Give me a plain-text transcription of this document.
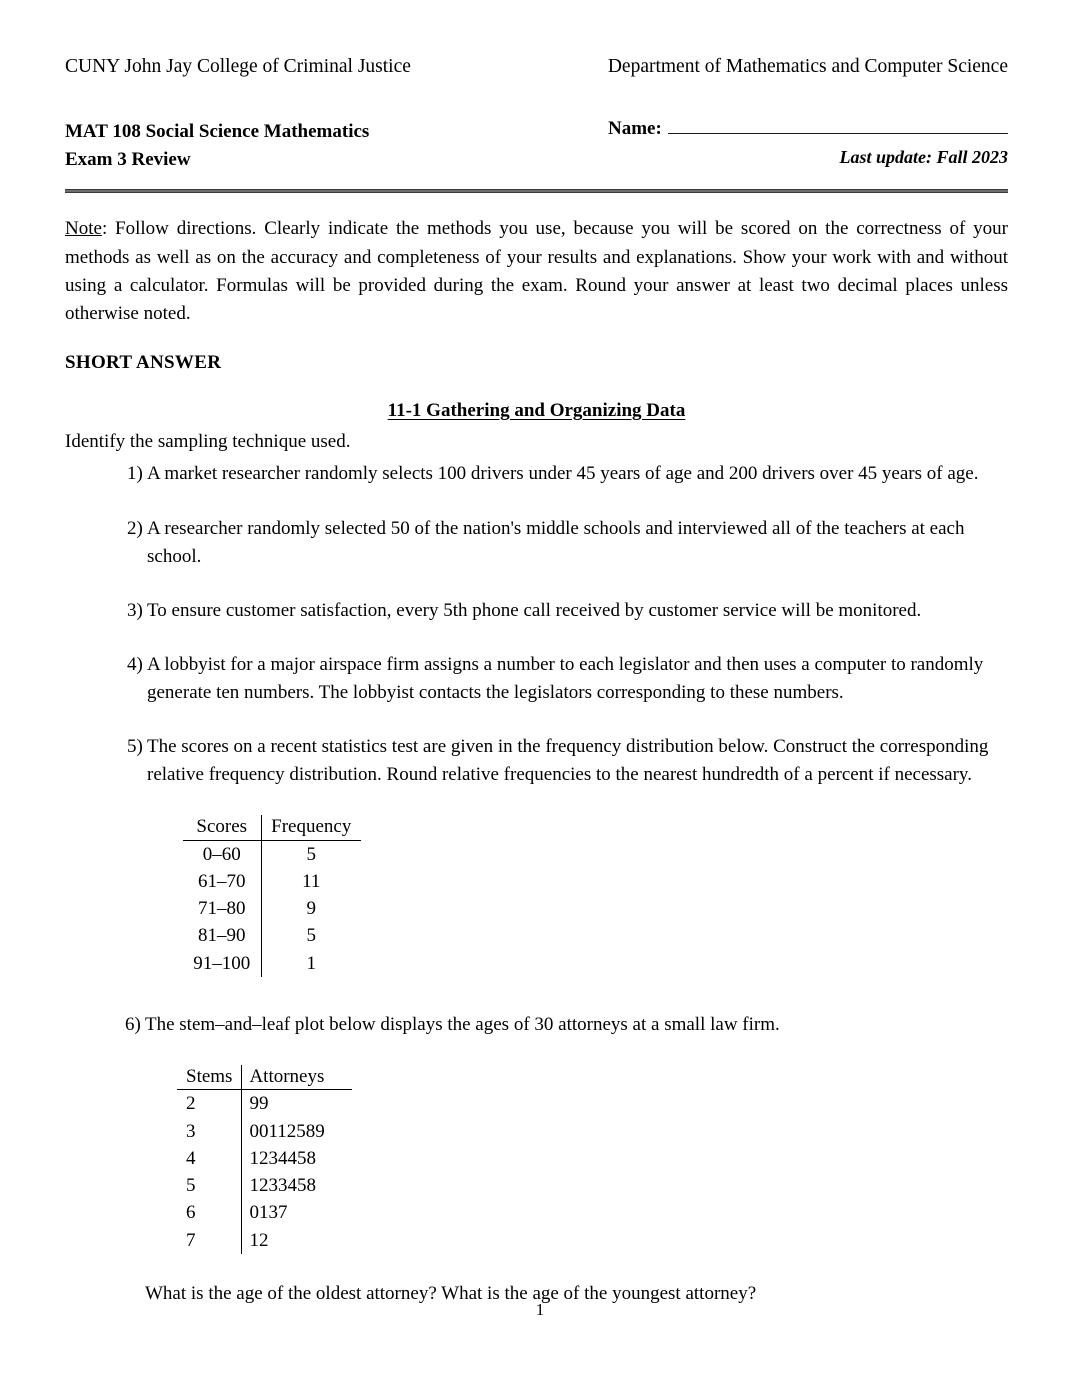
CUNY John Jay College of Criminal Justice	Department of Mathematics and Computer Science
MAT 108 Social Science Mathematics
Exam 3 Review
Name:
Last update: Fall 2023

Note: Follow directions. Clearly indicate the methods you use, because you will be scored on the correctness of your methods as well as on the accuracy and completeness of your results and explanations. Show your work with and without using a calculator. Formulas will be provided during the exam. Round your answer at least two decimal places unless otherwise noted.

SHORT ANSWER
11-1 Gathering and Organizing Data
Identify the sampling technique used.
1) A market researcher randomly selects 100 drivers under 45 years of age and 200 drivers over 45 years of age.
2) A researcher randomly selected 50 of the nation's middle schools and interviewed all of the teachers at each school.
3) To ensure customer satisfaction, every 5th phone call received by customer service will be monitored.
4) A lobbyist for a major airspace firm assigns a number to each legislator and then uses a computer to randomly generate ten numbers. The lobbyist contacts the legislators corresponding to these numbers.
5) The scores on a recent statistics test are given in the frequency distribution below. Construct the corresponding relative frequency distribution. Round relative frequencies to the nearest hundredth of a percent if necessary.
Scores	Frequency
0–60	5
61–70	11
71–80	9
81–90	5
91–100	1
6) The stem–and–leaf plot below displays the ages of 30 attorneys at a small law firm.
Stems	Attorneys
2	99
3	00112589
4	1234458
5	1233458
6	0137
7	12
What is the age of the oldest attorney? What is the age of the youngest attorney?
1
